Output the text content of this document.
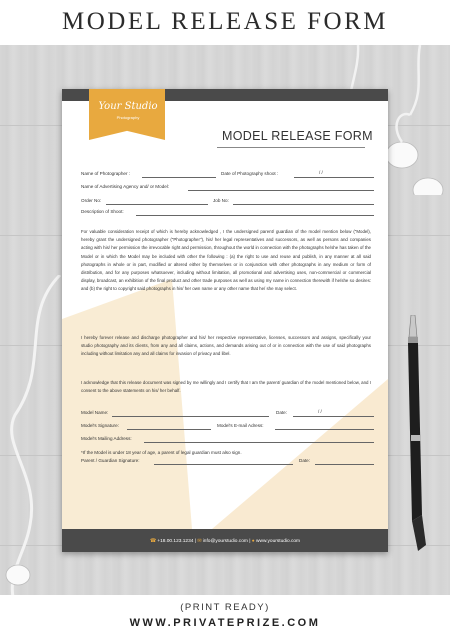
MODEL RELEASE FORM
Your Studio
Photography
MODEL RELEASE FORM
Name of Photographer :	Date of Photography shoot :	/ /
Name of Advertising Agency and/ or Model:
Order No:	Job No:
Description of Shoot:

For valuable consideration receipt of which is hereby acknowledged , I the undersigned parent/ guardian of the model mention below ("Model), hereby grant the undersigned photographer ("Photographer"), his/ her legal representatives and successors, as well as persons and companies acting with his/ her permission the irrevocable right and permission, throughout the world in connection with the photographs he/she has taken of the Model or in which the Model may be included with other the following : (a) the right to use and reuse and publish, in any manner at all said photographs in whole or in part, modified or altered either by themselves or in conjunction with other photographs in any medium or form of distribution, and for any purposes whatsoever, including without limitation, all promotional and advertising uses, non-commercial or commercial display, broadcast, an exhibition of the final product and other trade purposes as well as using my name in connection therewith if he/she so desires: and (b) the right to copyright said photographs in his/ her own name or any other name that he/ she may select.

I hereby forever release and discharge photographer and his/ her respective representative, licenses, successors and assigns, specifically your studio photography and its clients, from any and all claims, actions, and demands arising out of or in connection with the use of said photographs including without limitation any and all claims for invasion of privacy and libel.

I acknowledge that this release document was signed by me willingly and I certify that I am the parent/ guardian of the model mentioned below, and I consent to the above statements on his/ her behalf.

Model Name:	Date:	/ /
Model's Signature:	Model's E-mail Adress:
Model's Mailing Address:
*If the Model is under 18 year of age, a parent of legal guardian must also sign.
Parent / Guardian Signature:	Date:
☎ +18.00.123.1234 | ✉ info@yourstudio.com | ● www.yourstudio.com
(PRINT READY)
WWW.PRIVATEPRIZE.COM
